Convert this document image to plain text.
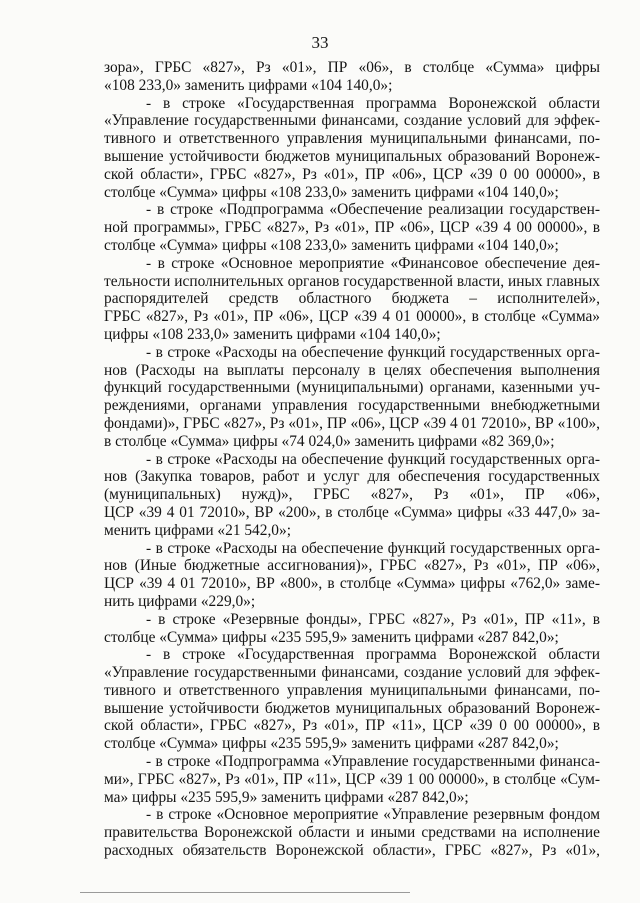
33
зора», ГРБС «827», Рз «01», ПР «06», в столбце «Сумма» цифры
«108 233,0» заменить цифрами «104 140,0»;
- в строке «Государственная программа Воронежской области
«Управление государственными финансами, создание условий для эффек-
тивного и ответственного управления муниципальными финансами, по-
вышение устойчивости бюджетов муниципальных образований Воронеж-
ской области», ГРБС «827», Рз «01», ПР «06», ЦСР «39 0 00 00000», в
столбце «Сумма» цифры «108 233,0» заменить цифрами «104 140,0»;
- в строке «Подпрограмма «Обеспечение реализации государствен-
ной программы», ГРБС «827», Рз «01», ПР «06», ЦСР «39 4 00 00000», в
столбце «Сумма» цифры «108 233,0» заменить цифрами «104 140,0»;
- в строке «Основное мероприятие «Финансовое обеспечение дея-
тельности исполнительных органов государственной власти, иных главных
распорядителей средств областного бюджета – исполнителей»,
ГРБС «827», Рз «01», ПР «06», ЦСР «39 4 01 00000», в столбце «Сумма»
цифры «108 233,0» заменить цифрами «104 140,0»;
- в строке «Расходы на обеспечение функций государственных орга-
нов (Расходы на выплаты персоналу в целях обеспечения выполнения
функций государственными (муниципальными) органами, казенными уч-
реждениями, органами управления государственными внебюджетными
фондами)», ГРБС «827», Рз «01», ПР «06», ЦСР «39 4 01 72010», ВР «100»,
в столбце «Сумма» цифры «74 024,0» заменить цифрами «82 369,0»;
- в строке «Расходы на обеспечение функций государственных орга-
нов (Закупка товаров, работ и услуг для обеспечения государственных
(муниципальных) нужд)», ГРБС «827», Рз «01», ПР «06»,
ЦСР «39 4 01 72010», ВР «200», в столбце «Сумма» цифры «33 447,0» за-
менить цифрами «21 542,0»;
- в строке «Расходы на обеспечение функций государственных орга-
нов (Иные бюджетные ассигнования)», ГРБС «827», Рз «01», ПР «06»,
ЦСР «39 4 01 72010», ВР «800», в столбце «Сумма» цифры «762,0» заме-
нить цифрами «229,0»;
- в строке «Резервные фонды», ГРБС «827», Рз «01», ПР «11», в
столбце «Сумма» цифры «235 595,9» заменить цифрами «287 842,0»;
- в строке «Государственная программа Воронежской области
«Управление государственными финансами, создание условий для эффек-
тивного и ответственного управления муниципальными финансами, по-
вышение устойчивости бюджетов муниципальных образований Воронеж-
ской области», ГРБС «827», Рз «01», ПР «11», ЦСР «39 0 00 00000», в
столбце «Сумма» цифры «235 595,9» заменить цифрами «287 842,0»;
- в строке «Подпрограмма «Управление государственными финанса-
ми», ГРБС «827», Рз «01», ПР «11», ЦСР «39 1 00 00000», в столбце «Сум-
ма» цифры «235 595,9» заменить цифрами «287 842,0»;
- в строке «Основное мероприятие «Управление резервным фондом
правительства Воронежской области и иными средствами на исполнение
расходных обязательств Воронежской области», ГРБС «827», Рз «01»,
